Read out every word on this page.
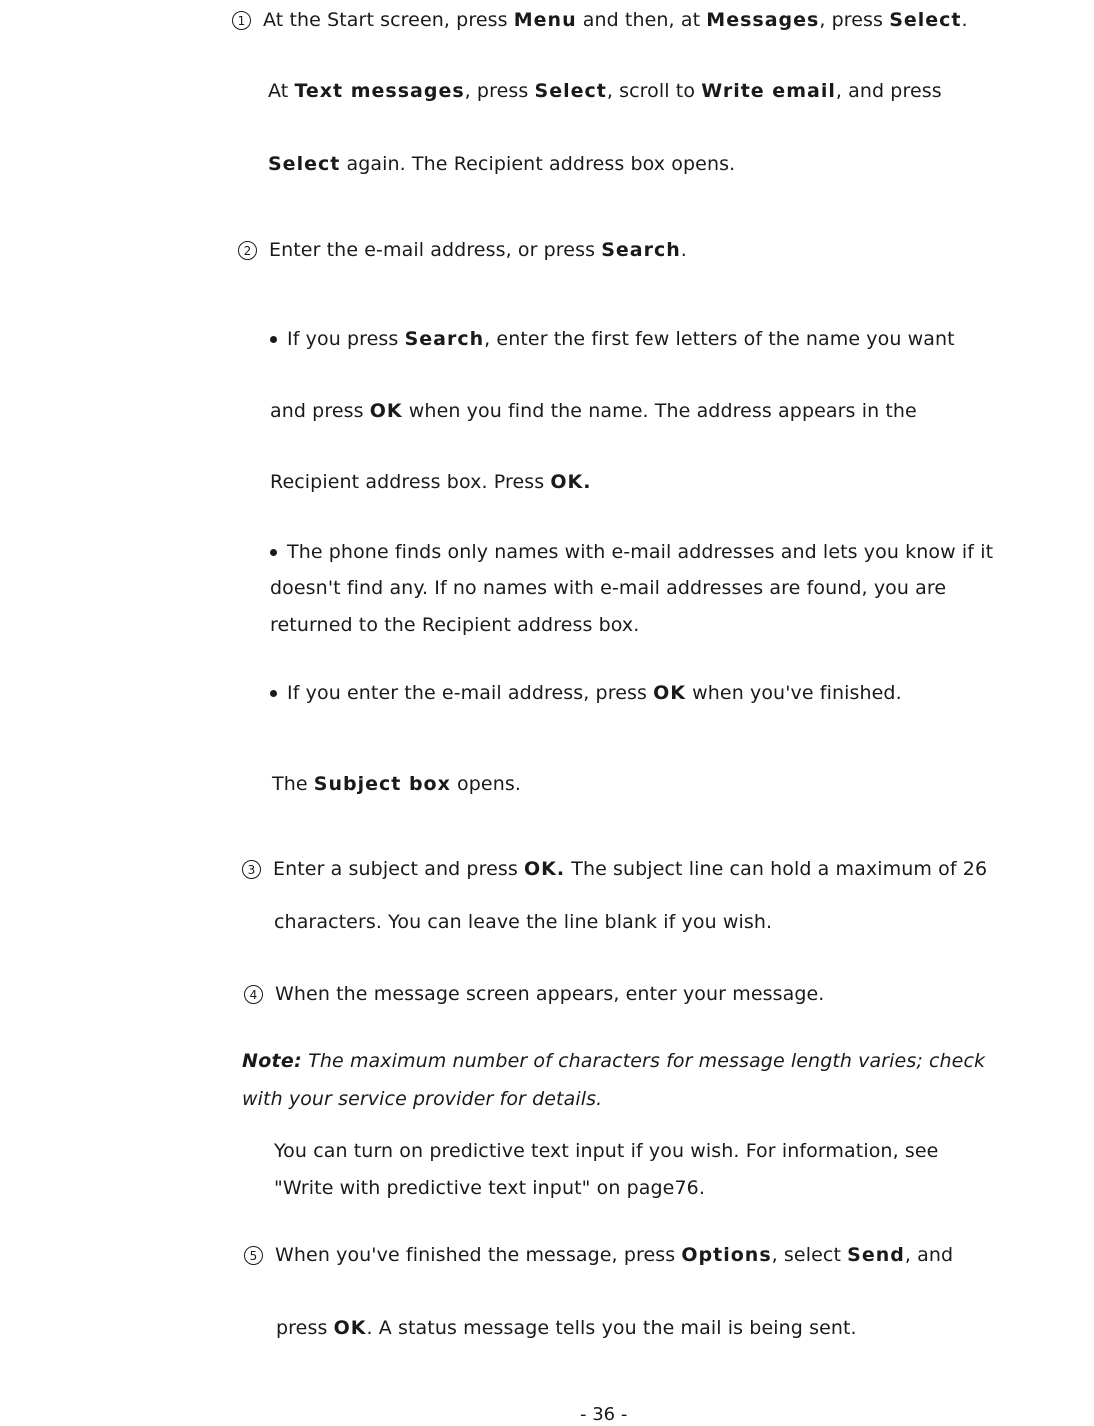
1 At the Start screen, press Menu and then, at Messages, press Select.
At Text messages, press Select, scroll to Write email, and press
Select again. The Recipient address box opens.
2 Enter the e-mail address, or press Search.
If you press Search, enter the first few letters of the name you want
and press OK when you find the name. The address appears in the
Recipient address box. Press OK.
The phone finds only names with e-mail addresses and lets you know if it
doesn't find any. If no names with e-mail addresses are found, you are
returned to the Recipient address box.
If you enter the e-mail address, press OK when you've finished.
The Subject box opens.
3 Enter a subject and press OK. The subject line can hold a maximum of 26
characters. You can leave the line blank if you wish.
4 When the message screen appears, enter your message.
Note: The maximum number of characters for message length varies; check
with your service provider for details.
You can turn on predictive text input if you wish. For information, see
"Write with predictive text input" on page76.
5 When you've finished the message, press Options, select Send, and
press OK. A status message tells you the mail is being sent.
- 36 -
